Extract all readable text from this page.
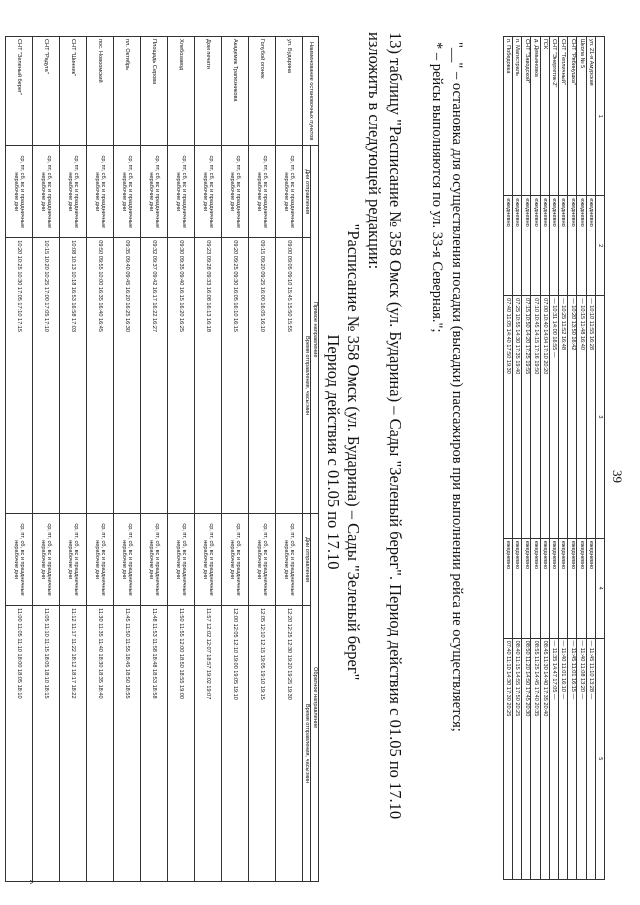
39
1	2	3	4	5
ул. 21-я Амурская	ежедневно	— 10:10 11:55 16:28	ежедневно	— 11:45 11:10 13:28 —
Школа № 5	ежедневно	— 10:15 11:48 16:40	ежедневно	— 11:40 11:08 13:20 —
СНТ "Рябинушка"	ежедневно	— 10:20 13:50 16:42	ежедневно	— 11:45 11:01 16:15 —
СНТ "Тепличный"	ежедневно	— 10:25 11:52 16:48	ежедневно	— 11:40 11:01 16:10 —
СНТ "Энергетик-2"	ежедневно	— 10:31 14:00 16:55 —	ежедневно	— 11:35 14:47 17:05 —
ГСК	ежедневно	07:00 10:40 14:04 17:10 20:20	ежедневно	08:45 11:30 14:40 17:35 20:40
д. Демьяновка	ежедневно	07:10 10:45 14:15 17:16 19:50	ежедневно	08:55 11:25 14:45 17:40 20:35
СНТ "Заводской"	ежедневно	07:15 10:50 14:20 17:25 19:55	ежедневно	08:50 11:20 14:50 17:45 20:30
п. Магистраль	ежедневно	07:25 10:55 14:30 17:35 19:40	ежедневно	08:40 11:15 14:55 17:50 20:25
п. Победовка	ежедневно	07:40 11:05 14:40 17:50 19:30	ежедневно	07:40 11:10 14:30 17:30 20:25
"__" – остановка для осуществления посадки (высадки) пассажиров при выполнении рейса не осуществляется;
* – рейсы выполняются по ул. 33-я Северная.";
13) таблицу "Расписание № 358 Омск (ул. Бударина) – Сады "Зеленый берег". Период действия с 01.05 по 17.10
изложить в следующей редакции:
"Расписание № 358 Омск (ул. Бударина) – Сады "Зеленый берег"
Период действия с 01.05 по 17.10
Наименование остановочных пунктов	Прямое направление		Обратное направление	
	Дни отправления	Время отправления, часы:мин	Дни отправления	Время отправления, часы:мин
ул. Бударина	ср, пт, сб, вс и праздничные нерабочие дни	09:00 09:05 09:10 15:45 15:50 15:55	ср, пт, сб, вс и праздничные нерабочие дни	12:20 12:25 12:30 19:20 19:25 19:30
Голубой огонек	ср, пт, сб, вс и праздничные нерабочие дни	09:15 09:20 09:25 16:00 16:05 16:10	ср, пт, сб, вс и праздничные нерабочие дни	12:05 12:10 12:15 19:05 19:10 19:15
Академик Трапезникова	ср, пт, сб, вс и праздничные нерабочие дни	09:20 09:25 09:30 16:05 16:10 16:15	ср, пт, сб, вс и праздничные нерабочие дни	12:00 12:05 12:10 19:00 19:05 19:10
Дом печати	ср, пт, сб, вс и праздничные нерабочие дни	09:23 09:28 09:33 16:08 16:13 16:18	ср, пт, сб, вс и праздничные нерабочие дни	11:57 12:02 12:07 18:57 19:02 19:07
Хлебозавод	ср, пт, сб, вс и праздничные нерабочие дни	09:30 09:35 09:40 16:15 16:20 16:25	ср, пт, сб, вс и праздничные нерабочие дни	11:50 11:55 12:00 18:50 18:55 19:00
Площадь Серова	ср, пт, сб, вс и праздничные нерабочие дни	09:32 09:37 09:42 16:17 16:22 16:27	ср, пт, сб, вс и праздничные нерабочие дни	11:48 11:53 11:58 18:48 18:53 18:58
пл. Октябрь	ср, пт, сб, вс и праздничные нерабочие дни	09:35 09:40 09:45 16:20 16:25 16:30	ср, пт, сб, вс и праздничные нерабочие дни	11:45 11:50 11:55 18:45 18:50 18:55
пос. Новоомский	ср, пт, сб, вс и праздничные нерабочие дни	09:50 09:55 10:00 16:35 16:40 16:45	ср, пт, сб, вс и праздничные нерабочие дни	11:30 11:35 11:40 18:30 18:35 18:40
СНТ "Шинник"	ср, пт, сб, вс и праздничные нерабочие дни	10:08 10:13 10:18 16:53 16:58 17:03	ср, пт, сб, вс и праздничные нерабочие дни	11:12 11:17 11:22 18:12 18:17 18:22
СНТ "Радуга"	ср, пт, сб, вс и праздничные нерабочие дни	10:15 10:20 10:25 17:00 17:05 17:10	ср, пт, сб, вс и праздничные нерабочие дни	11:05 11:10 11:15 18:05 18:10 18:15
СНТ "Зеленый берег"	ср, пт, сб, вс и праздничные нерабочие дни	10:20 10:25 10:30 17:05 17:10 17:15	ср, пт, сб, вс и праздничные нерабочие дни	11:00 11:05 11:10 18:00 18:05 18:10
^
